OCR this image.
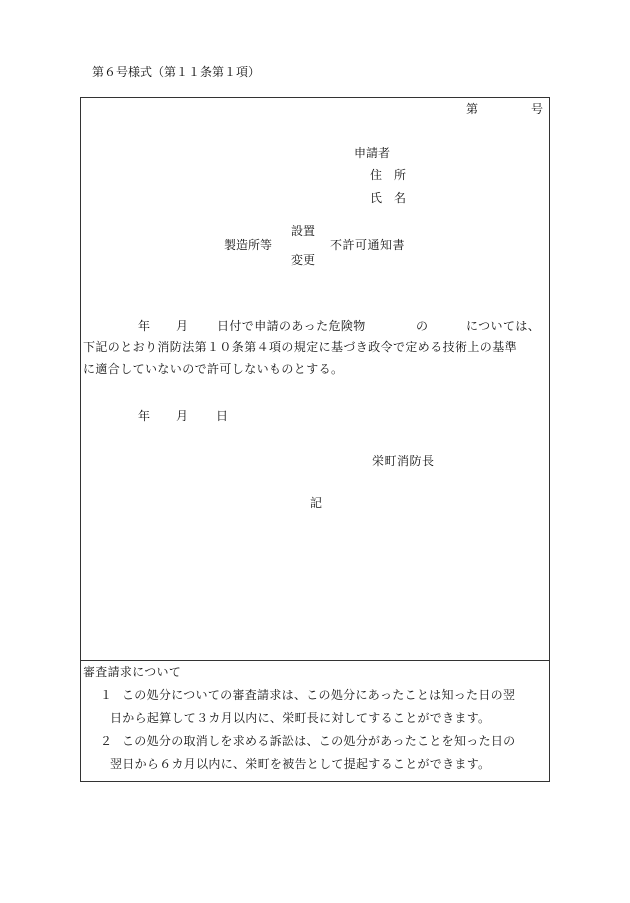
第６号様式（第１１条第１項）
第	号
申請者
住　所
氏　名
設置
製造所等	不許可通知書
変更
年 月 日付で申請のあった危険物	の	については、
下記のとおり消防法第１０条第４項の規定に基づき政令で定める技術上の基準
に適合していないので許可しないものとする。
年 月 日
栄町消防長
記
審査請求について
１ この処分についての審査請求は、この処分にあったことは知った日の翌
日から起算して３カ月以内に、栄町長に対してすることができます。
２ この処分の取消しを求める訴訟は、この処分があったことを知った日の
翌日から６カ月以内に、栄町を被告として提起することができます。
